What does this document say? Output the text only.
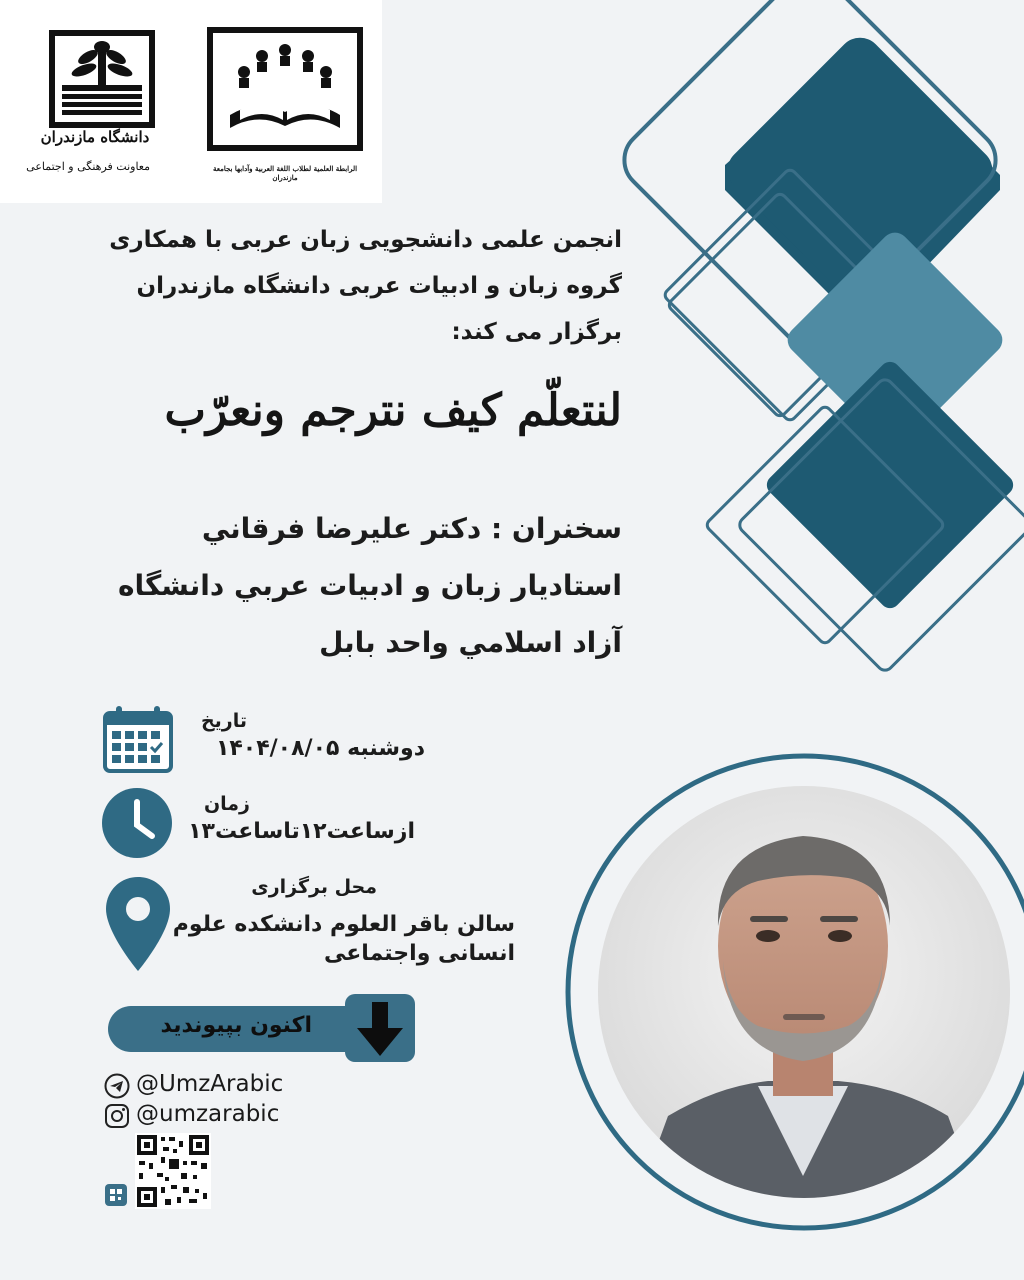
دانشگاه مازندران
معاونت فرهنگی و اجتماعی	الرابطة العلمية لطلاب اللغة العربية وآدابها بجامعة مازندران
انجمن علمی دانشجویی زبان عربی با همکاری
گروه زبان و ادبیات عربی دانشگاه مازندران
برگزار می کند:
لنتعلّم كيف نترجم ونعرّب
سخنران : دكتر عليرضا فرقاني
استاديار زبان و ادبيات عربي دانشگاه
آزاد اسلامي واحد بابل
تاریخ
دوشنبه ۱۴۰۴/۰۸/۰۵
زمان
ازساعت۱۲تاساعت۱۳
محل برگزاری
سالن باقر العلوم دانشکده علوم
انسانی واجتماعی
اکنون بپیوندید
@UmzArabic
@umzarabic
